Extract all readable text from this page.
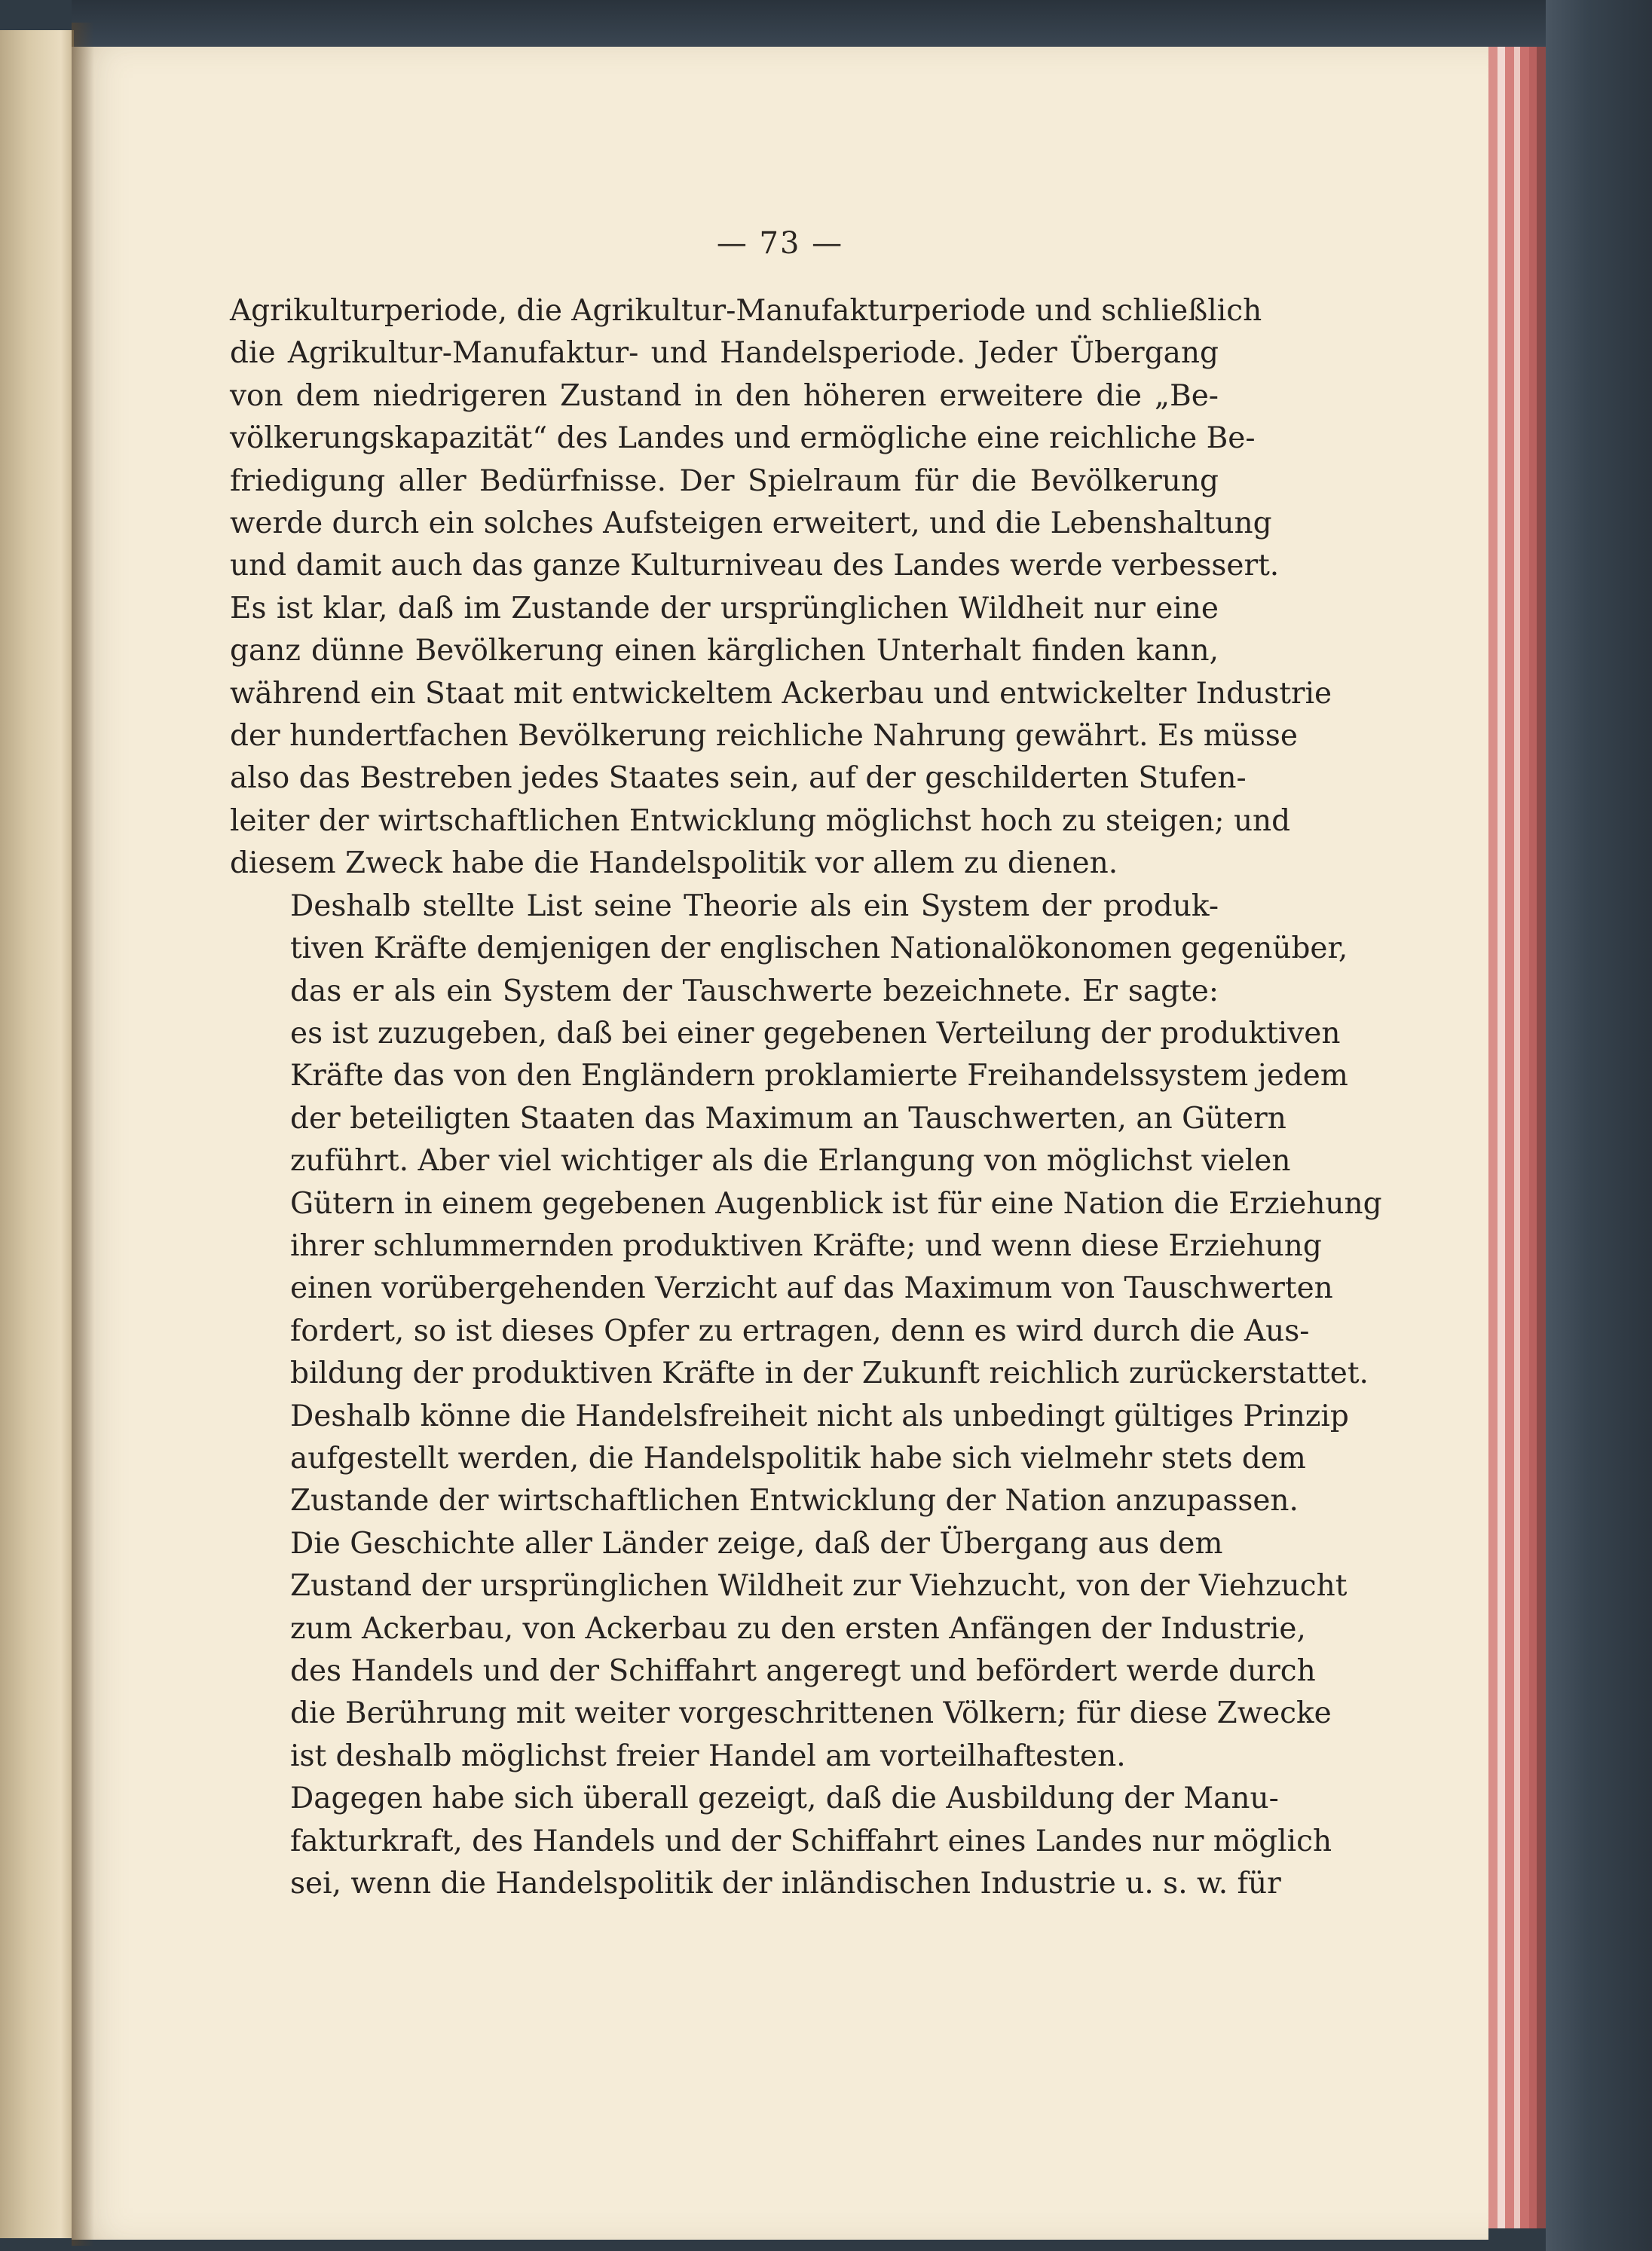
— 73 —

Agrikulturperiode, die Agrikultur-Manufakturperiode und schließlich
die Agrikultur-Manufaktur- und Handelsperiode. Jeder Übergang
von dem niedrigeren Zustand in den höheren erweitere die „Be-
völkerungskapazität“ des Landes und ermögliche eine reichliche Be-
friedigung aller Bedürfnisse. Der Spielraum für die Bevölkerung
werde durch ein solches Aufsteigen erweitert, und die Lebenshaltung
und damit auch das ganze Kulturniveau des Landes werde verbessert.
Es ist klar, daß im Zustande der ursprünglichen Wildheit nur eine
ganz dünne Bevölkerung einen kärglichen Unterhalt finden kann,
während ein Staat mit entwickeltem Ackerbau und entwickelter Industrie
der hundertfachen Bevölkerung reichliche Nahrung gewährt. Es müsse
also das Bestreben jedes Staates sein, auf der geschilderten Stufen-
leiter der wirtschaftlichen Entwicklung möglichst hoch zu steigen; und
diesem Zweck habe die Handelspolitik vor allem zu dienen.

Deshalb stellte List seine Theorie als ein System der produk-
tiven Kräfte demjenigen der englischen Nationalökonomen gegenüber,
das er als ein System der Tauschwerte bezeichnete. Er sagte:
es ist zuzugeben, daß bei einer gegebenen Verteilung der produktiven
Kräfte das von den Engländern proklamierte Freihandelssystem jedem
der beteiligten Staaten das Maximum an Tauschwerten, an Gütern
zuführt. Aber viel wichtiger als die Erlangung von möglichst vielen
Gütern in einem gegebenen Augenblick ist für eine Nation die Erziehung
ihrer schlummernden produktiven Kräfte; und wenn diese Erziehung
einen vorübergehenden Verzicht auf das Maximum von Tauschwerten
fordert, so ist dieses Opfer zu ertragen, denn es wird durch die Aus-
bildung der produktiven Kräfte in der Zukunft reichlich zurückerstattet.
Deshalb könne die Handelsfreiheit nicht als unbedingt gültiges Prinzip
aufgestellt werden, die Handelspolitik habe sich vielmehr stets dem
Zustande der wirtschaftlichen Entwicklung der Nation anzupassen.

Die Geschichte aller Länder zeige, daß der Übergang aus dem
Zustand der ursprünglichen Wildheit zur Viehzucht, von der Viehzucht
zum Ackerbau, von Ackerbau zu den ersten Anfängen der Industrie,
des Handels und der Schiffahrt angeregt und befördert werde durch
die Berührung mit weiter vorgeschrittenen Völkern; für diese Zwecke
ist deshalb möglichst freier Handel am vorteilhaftesten.

Dagegen habe sich überall gezeigt, daß die Ausbildung der Manu-
fakturkraft, des Handels und der Schiffahrt eines Landes nur möglich
sei, wenn die Handelspolitik der inländischen Industrie u. s. w. für
